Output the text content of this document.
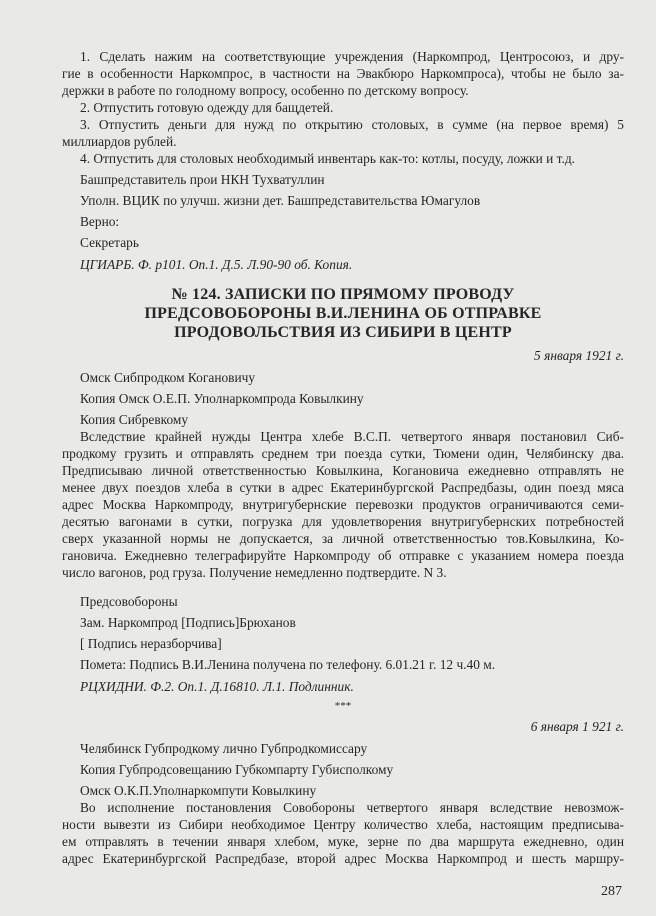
1. Сделать нажим на соответствующие учреждения (Наркомпрод, Центросоюз, и дру-
гие в особенности Наркомпрос, в частности на Эвакбюро Наркомпроса), чтобы не было за-
держки в работе по голодному вопросу, особенно по детскому вопросу.
2. Отпустить готовую одежду для бащдетей.
3. Отпустить деньги для нужд по открытию столовых, в сумме (на первое время) 5
миллиардов рублей.
4. Отпустить для столовых необходимый инвентарь как-то: котлы, посуду, ложки и т.д.
Башпредставитель прои НКН Тухватуллин
Уполн. ВЦИК по улучш. жизни дет. Башпредставительства Юмагулов
Верно:
Секретарь
ЦГИАРБ. Ф. р101. Оп.1. Д.5. Л.90-90 об. Копия.
№ 124. ЗАПИСКИ ПО ПРЯМОМУ ПРОВОДУ
ПРЕДСОВОБОРОНЫ В.И.ЛЕНИНА ОБ ОТПРАВКЕ
ПРОДОВОЛЬСТВИЯ ИЗ СИБИРИ В ЦЕНТР
5 января 1921 г.
Омск Сибпродком Когановичу
Копия Омск О.Е.П. Уполнаркомпрода Ковылкину
Копия Сибревкому
Вследствие крайней нужды Центра хлебе В.С.П. четвертого января постановил Сиб-
продкому грузить и отправлять среднем три поезда сутки, Тюмени один, Челябинску два.
Предписываю личной ответственностью Ковылкина, Когановича ежедневно отправлять не
менее двух поездов хлеба в сутки в адрес Екатеринбургской Распредбазы, один поезд мяса
адрес Москва Наркомпроду, внутригубернские перевозки продуктов ограничиваются семи-
десятью вагонами в сутки, погрузка для удовлетворения внутригубернских потребностей
сверх указанной нормы не допускается, за личной ответственностью тов.Ковылкина, Ко-
гановича. Ежедневно телеграфируйте Наркомпроду об отправке с указанием номера поезда
число вагонов, род груза. Получение немедленно подтвердите. N 3.
Предсовобороны
Зам. Наркомпрод [Подпись]Брюханов
[ Подпись неразборчива]
Пометa: Подпись В.И.Ленина получена по телефону. 6.01.21 г. 12 ч.40 м.
РЦХИДНИ. Ф.2. Оп.1. Д.16810. Л.1. Подлинник.
***
6 января 1 921 г.
Челябинск Губпродкому лично Губпродкомиссару
Копия Губпродсовещанию Губкомпарту Губисполкому
Омск О.К.П.Уполнаркомпути Ковылкину
Во исполнение постановления Совобороны четвертого января вследствие невозмож-
ности вывезти из Сибири необходимое Центру количество хлеба, настоящим предписыва-
ем отправлять в течении января хлебом, муке, зерне по два маршрута ежедневно, один
адрес Екатеринбургской Распредбазе, второй адрес Москва Наркомпрод и шесть маршру-
287
